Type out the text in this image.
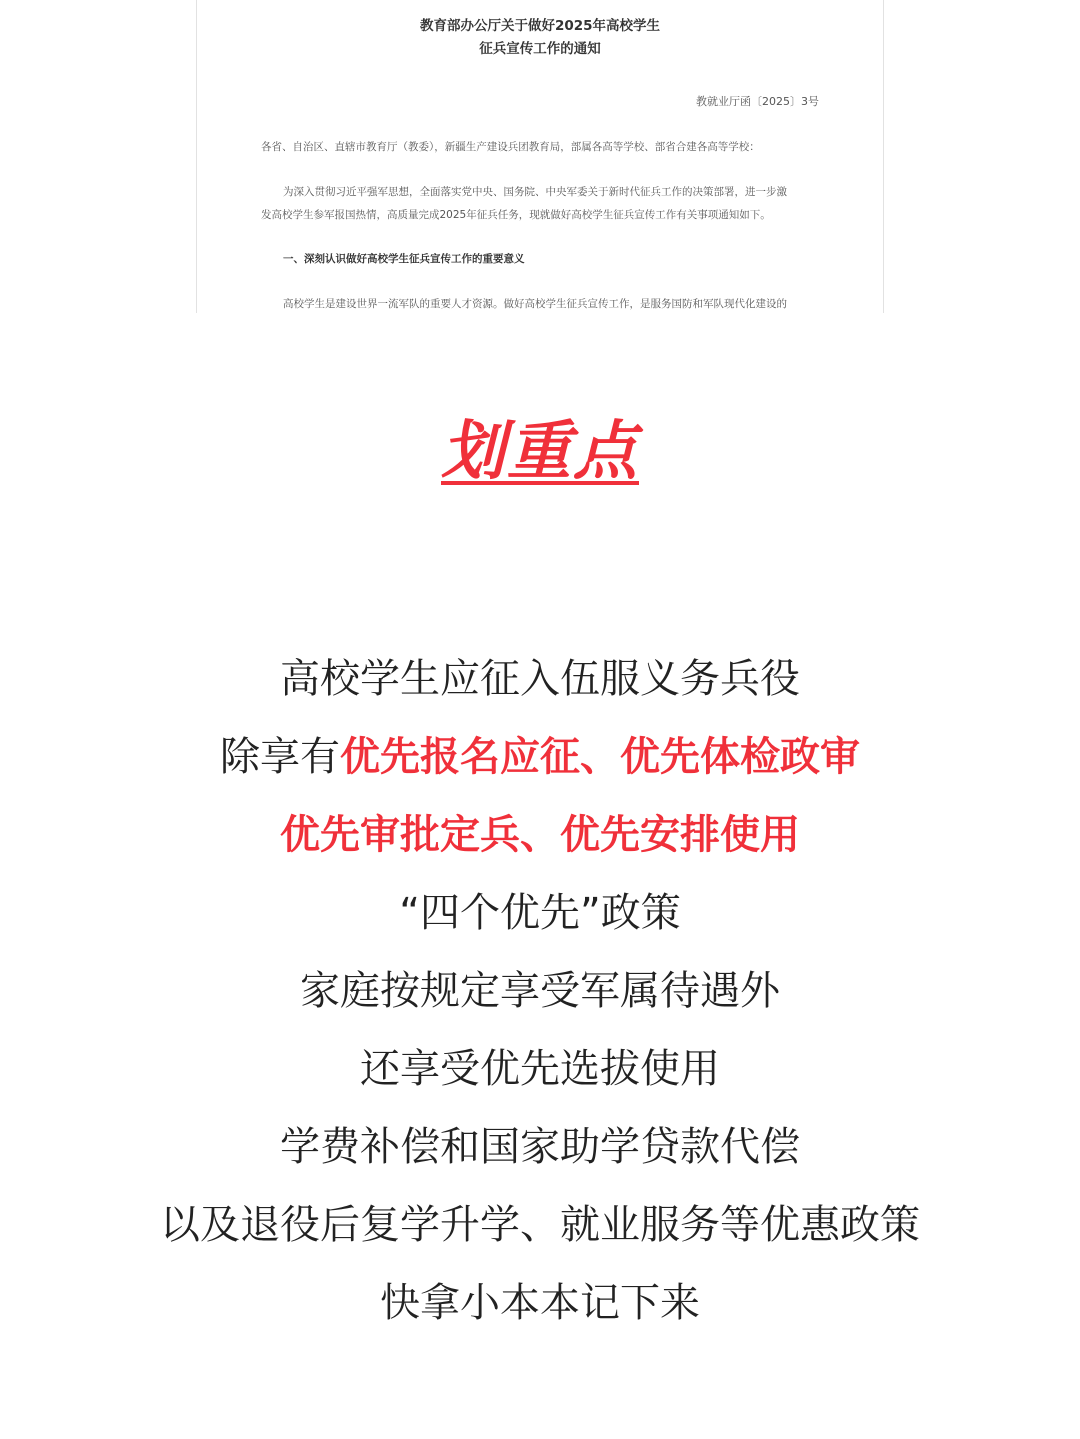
教育部办公厅关于做好2025年高校学生
征兵宣传工作的通知
教就业厅函〔2025〕3号
各省、自治区、直辖市教育厅（教委），新疆生产建设兵团教育局，部属各高等学校、部省合建各高等学校：
为深入贯彻习近平强军思想，全面落实党中央、国务院、中央军委关于新时代征兵工作的决策部署，进一步激
发高校学生参军报国热情，高质量完成2025年征兵任务，现就做好高校学生征兵宣传工作有关事项通知如下。
一、深刻认识做好高校学生征兵宣传工作的重要意义
高校学生是建设世界一流军队的重要人才资源。做好高校学生征兵宣传工作，是服务国防和军队现代化建设的
划重点
高校学生应征入伍服义务兵役
除享有优先报名应征、优先体检政审
优先审批定兵、优先安排使用
“四个优先”政策
家庭按规定享受军属待遇外
还享受优先选拔使用
学费补偿和国家助学贷款代偿
以及退役后复学升学、就业服务等优惠政策
快拿小本本记下来
